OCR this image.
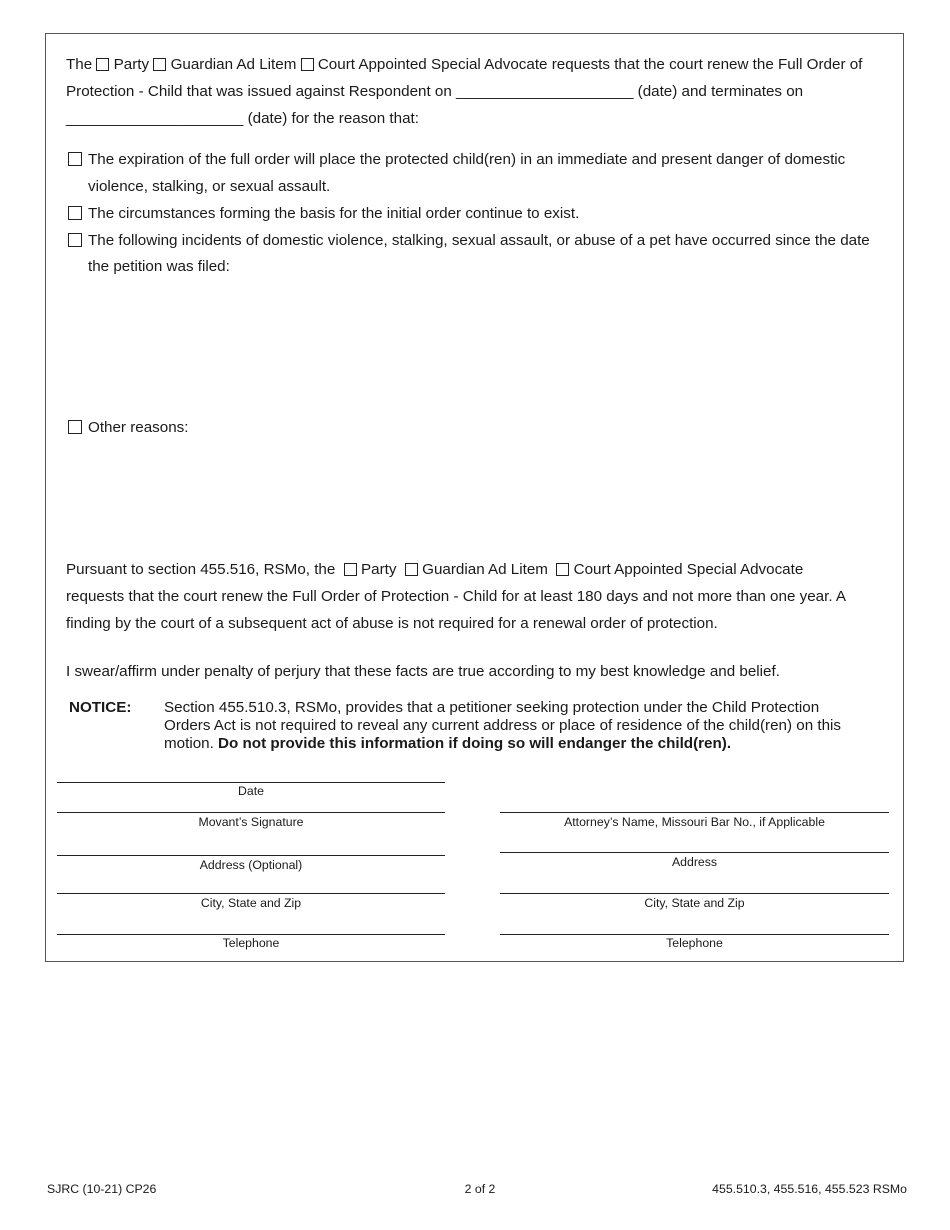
The Party Guardian Ad Litem Court Appointed Special Advocate requests that the court renew the Full Order of
Protection - Child that was issued against Respondent on _____________________ (date) and terminates on
_____________________ (date) for the reason that:
The expiration of the full order will place the protected child(ren) in an immediate and present danger of domestic
violence, stalking, or sexual assault.
The circumstances forming the basis for the initial order continue to exist.
The following incidents of domestic violence, stalking, sexual assault, or abuse of a pet have occurred since the date
the petition was filed:
Other reasons:
Pursuant to section 455.516, RSMo, the Party Guardian Ad Litem Court Appointed Special Advocate
requests that the court renew the Full Order of Protection - Child for at least 180 days and not more than one year. A
finding by the court of a subsequent act of abuse is not required for a renewal order of protection.
I swear/affirm under penalty of perjury that these facts are true according to my best knowledge and belief.
NOTICE: Section 455.510.3, RSMo, provides that a petitioner seeking protection under the Child Protection
Orders Act is not required to reveal any current address or place of residence of the child(ren) on this
motion. Do not provide this information if doing so will endanger the child(ren).
Date
Movant’s Signature
Address (Optional)
City, State and Zip
Telephone
Attorney’s Name, Missouri Bar No., if Applicable
Address
City, State and Zip
Telephone
SJRC (10-21) CP26	2 of 2	455.510.3, 455.516, 455.523 RSMo
